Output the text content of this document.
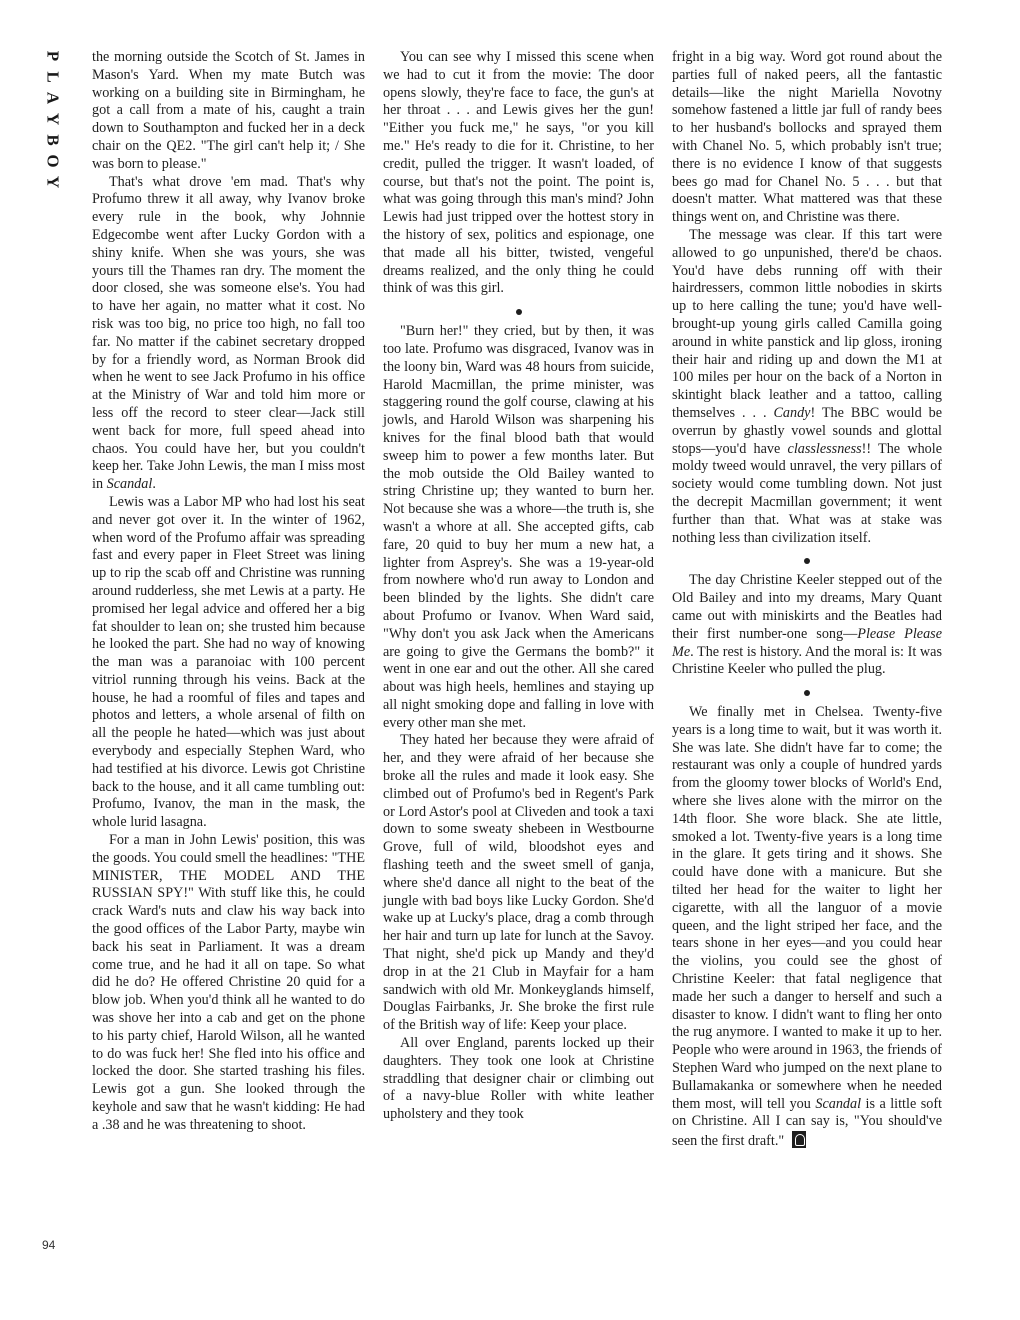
P
L
A
Y
B
O
Y

the morning outside the Scotch of St. James in Mason's Yard. When my mate Butch was working on a building site in Birmingham, he got a call from a mate of his, caught a train down to Southampton and fucked her in a deck chair on the QE2. "The girl can't help it; / She was born to please."

That's what drove 'em mad. That's why Profumo threw it all away, why Ivanov broke every rule in the book, why Johnnie Edgecombe went after Lucky Gordon with a shiny knife. When she was yours, she was yours till the Thames ran dry. The moment the door closed, she was someone else's. You had to have her again, no matter what it cost. No risk was too big, no price too high, no fall too far. No matter if the cabinet secretary dropped by for a friendly word, as Norman Brook did when he went to see Jack Profumo in his office at the Ministry of War and told him more or less off the record to steer clear—Jack still went back for more, full speed ahead into chaos. You could have her, but you couldn't keep her. Take John Lewis, the man I miss most in Scandal.

Lewis was a Labor MP who had lost his seat and never got over it. In the winter of 1962, when word of the Profumo affair was spreading fast and every paper in Fleet Street was lining up to rip the scab off and Christine was running around rudderless, she met Lewis at a party. He promised her legal advice and offered her a big fat shoulder to lean on; she trusted him because he looked the part. She had no way of knowing the man was a paranoiac with 100 percent vitriol running through his veins. Back at the house, he had a roomful of files and tapes and photos and letters, a whole arsenal of filth on all the people he hated—which was just about everybody and especially Stephen Ward, who had testified at his divorce. Lewis got Christine back to the house, and it all came tumbling out: Profumo, Ivanov, the man in the mask, the whole lurid lasagna.

For a man in John Lewis' position, this was the goods. You could smell the headlines: "THE MINISTER, THE MODEL AND THE RUSSIAN SPY!" With stuff like this, he could crack Ward's nuts and claw his way back into the good offices of the Labor Party, maybe win back his seat in Parliament. It was a dream come true, and he had it all on tape. So what did he do? He offered Christine 20 quid for a blow job. When you'd think all he wanted to do was shove her into a cab and get on the phone to his party chief, Harold Wilson, all he wanted to do was fuck her! She fled into his office and locked the door. She started trashing his files. Lewis got a gun. She looked through the keyhole and saw that he wasn't kidding: He had a .38 and he was threatening to shoot.

You can see why I missed this scene when we had to cut it from the movie: The door opens slowly, they're face to face, the gun's at her throat . . . and Lewis gives her the gun! "Either you fuck me," he says, "or you kill me." He's ready to die for it. Christine, to her credit, pulled the trigger. It wasn't loaded, of course, but that's not the point. The point is, what was going through this man's mind? John Lewis had just tripped over the hottest story in the history of sex, politics and espionage, one that made all his bitter, twisted, vengeful dreams realized, and the only thing he could think of was this girl.

"Burn her!" they cried, but by then, it was too late. Profumo was disgraced, Ivanov was in the loony bin, Ward was 48 hours from suicide, Harold Macmillan, the prime minister, was staggering round the golf course, clawing at his jowls, and Harold Wilson was sharpening his knives for the final blood bath that would sweep him to power a few months later. But the mob outside the Old Bailey wanted to string Christine up; they wanted to burn her. Not because she was a whore—the truth is, she wasn't a whore at all. She accepted gifts, cab fare, 20 quid to buy her mum a new hat, a lighter from Asprey's. She was a 19-year-old from nowhere who'd run away to London and been blinded by the lights. She didn't care about Profumo or Ivanov. When Ward said, "Why don't you ask Jack when the Americans are going to give the Germans the bomb?" it went in one ear and out the other. All she cared about was high heels, hemlines and staying up all night smoking dope and falling in love with every other man she met.

They hated her because they were afraid of her, and they were afraid of her because she broke all the rules and made it look easy. She climbed out of Profumo's bed in Regent's Park or Lord Astor's pool at Cliveden and took a taxi down to some sweaty shebeen in Westbourne Grove, full of wild, bloodshot eyes and flashing teeth and the sweet smell of ganja, where she'd dance all night to the beat of the jungle with bad boys like Lucky Gordon. She'd wake up at Lucky's place, drag a comb through her hair and turn up late for lunch at the Savoy. That night, she'd pick up Mandy and they'd drop in at the 21 Club in Mayfair for a ham sandwich with old Mr. Monkeyglands himself, Douglas Fairbanks, Jr. She broke the first rule of the British way of life: Keep your place.

All over England, parents locked up their daughters. They took one look at Christine straddling that designer chair or climbing out of a navy-blue Roller with white leather upholstery and they took

fright in a big way. Word got round about the parties full of naked peers, all the fantastic details—like the night Mariella Novotny somehow fastened a little jar full of randy bees to her husband's bollocks and sprayed them with Chanel No. 5, which probably isn't true; there is no evidence I know of that suggests bees go mad for Chanel No. 5 . . . but that doesn't matter. What mattered was that these things went on, and Christine was there.

The message was clear. If this tart were allowed to go unpunished, there'd be chaos. You'd have debs running off with their hairdressers, common little nobodies in skirts up to here calling the tune; you'd have well-brought-up young girls called Camilla going around in white panstick and lip gloss, ironing their hair and riding up and down the M1 at 100 miles per hour on the back of a Norton in skintight black leather and a tattoo, calling themselves . . . Candy! The BBC would be overrun by ghastly vowel sounds and glottal stops—you'd have classlessness!! The whole moldy tweed would unravel, the very pillars of society would come tumbling down. Not just the decrepit Macmillan government; it went further than that. What was at stake was nothing less than civilization itself.

The day Christine Keeler stepped out of the Old Bailey and into my dreams, Mary Quant came out with miniskirts and the Beatles had their first number-one song—Please Please Me. The rest is history. And the moral is: It was Christine Keeler who pulled the plug.

We finally met in Chelsea. Twenty-five years is a long time to wait, but it was worth it. She was late. She didn't have far to come; the restaurant was only a couple of hundred yards from the gloomy tower blocks of World's End, where she lives alone with the mirror on the 14th floor. She wore black. She ate little, smoked a lot. Twenty-five years is a long time in the glare. It gets tiring and it shows. She could have done with a manicure. But she tilted her head for the waiter to light her cigarette, with all the languor of a movie queen, and the light striped her face, and the tears shone in her eyes—and you could hear the violins, you could see the ghost of Christine Keeler: that fatal negligence that made her such a danger to herself and such a disaster to know. I didn't want to fling her onto the rug anymore. I wanted to make it up to her. People who were around in 1963, the friends of Stephen Ward who jumped on the next plane to Bullamakanka or somewhere when he needed them most, will tell you Scandal is a little soft on Christine. All I can say is, "You should've seen the first draft."

94
